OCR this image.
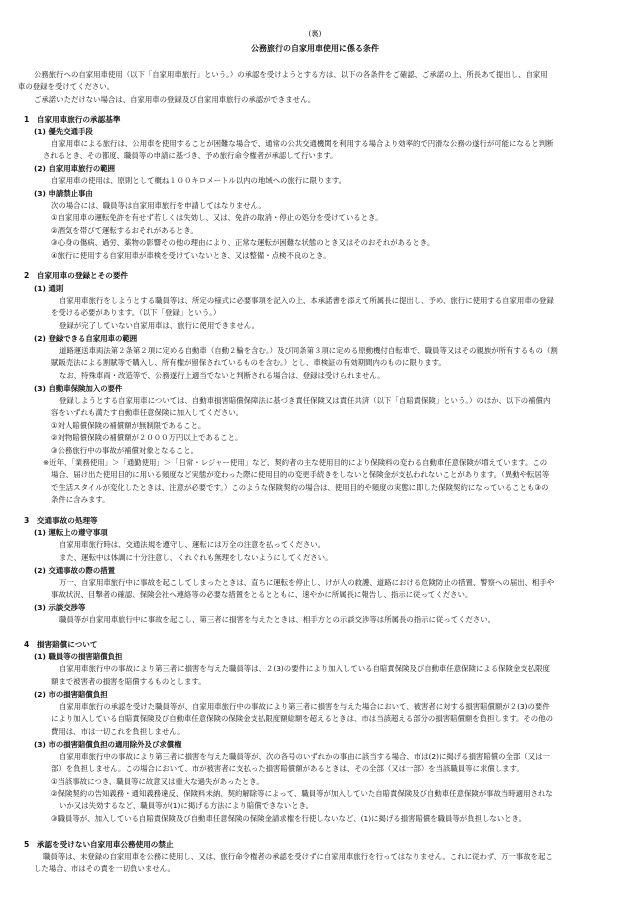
(裏)
公務旅行の自家用車使用に係る条件
公務旅行への自家用車使用（以下「自家用車旅行」という。）の承認を受けようとする方は、以下の各条件をご確認、ご承諾の上、所長あて提出し、自家用
車の登録を受けてください。
ご承諾いただけない場合は、自家用車の登録及び自家用車旅行の承認ができません。
1　自家用車旅行の承認基準
(1) 優先交通手段
自家用車による旅行は、公用車を使用することが困難な場合で、通常の公共交通機関を利用する場合より効率的で円滑な公務の遂行が可能になると判断
されるとき、その都度、職員等の申請に基づき、予め旅行命令権者が承認して行います。
(2) 自家用車旅行の範囲
自家用車の使用は、原則として概ね１００キロメートル以内の地域への旅行に限ります。
(3) 申請禁止事由
次の場合には、職員等は自家用車旅行を申請してはなりません。
①自家用車の運転免許を有せず若しくは失効し、又は、免許の取消・停止の処分を受けているとき。
②酒気を帯びて運転するおそれがあるとき。
③心身の傷病、過労、薬物の影響その他の理由により、正常な運転が困難な状態のとき又はそのおそれがあるとき。
④旅行に使用する自家用車が車検を受けていないとき、又は整備・点検不良のとき。
2　自家用車の登録とその要件
(1) 通則
自家用車旅行をしようとする職員等は、所定の様式に必要事項を記入の上、本承諾書を添えて所属長に提出し、予め、旅行に使用する自家用車の登録
を受ける必要があります。（以下「登録」という。）
登録が完了していない自家用車は、旅行に使用できません。
(2) 登録できる自家用車の範囲
道路運送車両法第２条第２項に定める自動車（自動２輪を含む。）及び同条第３項に定める原動機付自転車で、職員等又はその親族が所有するもの（割
賦販売法による割賦等で購入し、所有権が留保されているものを含む。）とし、車検証の有効期間内のものに限ります。
なお、特殊車両・改造等で、公務遂行上適当でないと判断される場合は、登録は受けられません。
(3) 自動車保険加入の要件
登録しようとする自家用車については、自動車損害賠償保障法に基づき責任保険又は責任共済（以下「自賠責保険」という。）のほか、以下の補償内
容をいずれも満たす自動車任意保険に加入してください。
①対人賠償保険の補償額が無制限であること。
②対物賠償保険の補償額が２０００万円以上であること。
③公務旅行中の事故が補償対象となること。
※近年、「業務使用」＞「通勤使用」＞「日常・レジャー使用」など、契約者の主な使用目的により保険料の変わる自動車任意保険が増えています。この
場合、届け出た使用目的に用いる頻度など実態が変わった際に使用目的の変更手続きをしないと保険金が支払われないことがあります。（異動や転居等
で生活スタイルが変化したときは、注意が必要です。）このような保険契約の場合は、使用目的や頻度の実態に即した保険契約になっていることも③の
条件に含みます。
3　交通事故の処理等
(1) 運転上の遵守事項
自家用車旅行時は、交通法規を遵守し、運転には万全の注意を払ってください。
また、運転中は体調に十分注意し、くれぐれも無理をしないようにしてください。
(2) 交通事故の際の措置
万一、自家用車旅行中に事故を起こしてしまったときは、直ちに運転を停止し、けが人の救護、道路における危険防止の措置、警察への届出、相手や
事故状況、目撃者の確認、保険会社へ連絡等の必要な措置をとるとともに、速やかに所属長に報告し、指示に従ってください。
(3) 示談交渉等
職員等が自家用車旅行中に事故を起こし、第三者に損害を与えたときは、相手方との示談交渉等は所属長の指示に従ってください。
4　損害賠償について
(1) 職員等の損害賠償負担
自家用車旅行中の事故により第三者に損害を与えた職員等は、２(3)の要件により加入している自賠責保険及び自動車任意保険による保険金支払限度
額まで被害者の損害を賠償するものとします。
(2) 市の損害賠償負担
自家用車旅行の承認を受けた職員等が、自家用車旅行中の事故により第三者に損害を与えた場合において、被害者に対する損害賠償額が２(3)の要件
により加入している自賠責保険及び自動車任意保険の保険金支払限度額総額を超えるときは、市は当該超える部分の損害賠償額を負担します。その他の
費用は、市は一切これを負担しません。
(3) 市の損害賠償負担の適用除外及び求償権
自家用車旅行中の事故により第三者に損害を与えた職員等が、次の各号のいずれかの事由に該当する場合、市は(2)に掲げる損害賠償の全部（又は一
部）を負担しません。この場合において、市が被害者に支払った損害賠償額があるときは、その全部（又は一部）を当該職員等に求償します。
①当該事故につき、職員等に故意又は重大な過失があったとき。
②保険契約の告知義務・通知義務違反、保険料未納、契約解除等によって、職員等が加入していた自賠責保険及び自動車任意保険が事故当時適用されな
いか又は失効するなど、職員等が(1)に掲げる方法により賠償できないとき。
③職員等が、加入している自賠責保険及び自動車任意保険の保険金請求権を行使しないなど、(1)に掲げる損害賠償を職員等が負担しないとき。
5　承認を受けない自家用車公務使用の禁止
職員等は、未登録の自家用車を公務に使用し、又は、旅行命令権者の承認を受けずに自家用車旅行を行ってはなりません。これに従わず、万一事故を起こ
した場合、市はその責を一切負いません。
